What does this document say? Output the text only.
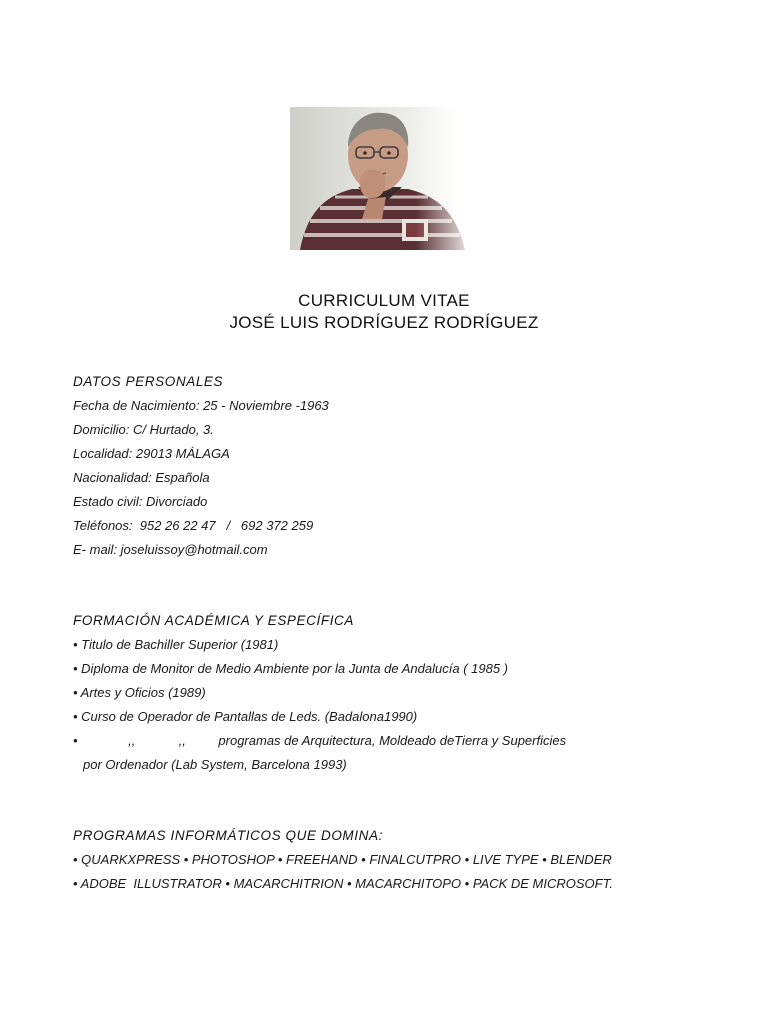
CURRICULUM VITAE
JOSÉ LUIS RODRÍGUEZ RODRÍGUEZ
DATOS PERSONALES
Fecha de Nacimiento: 25 - Noviembre -1963
Domicilio: C/ Hurtado, 3.
Localidad: 29013 MÁLAGA
Nacionalidad: Española
Estado civil: Divorciado
Teléfonos:  952 26 22 47   /   692 372 259
E- mail: joseluissoy@hotmail.com
FORMACIÓN ACADÉMICA Y ESPECÍFICA
• Titulo de Bachiller Superior (1981)
• Diploma de Monitor de Medio Ambiente por la Junta de Andalucía ( 1985 )
• Artes y Oficios (1989)
• Curso de Operador de Pantallas de Leds. (Badalona1990)
•              ,,            ,,         programas de Arquitectura, Moldeado deTierra y Superficies
por Ordenador (Lab System, Barcelona 1993)
PROGRAMAS INFORMÁTICOS QUE DOMINA:
• QUARKXPRESS • PHOTOSHOP • FREEHAND • FINALCUTPRO • LIVE TYPE • BLENDER
• ADOBE  ILLUSTRATOR • MACARCHITRION • MACARCHITOPO • PACK DE MICROSOFT.
